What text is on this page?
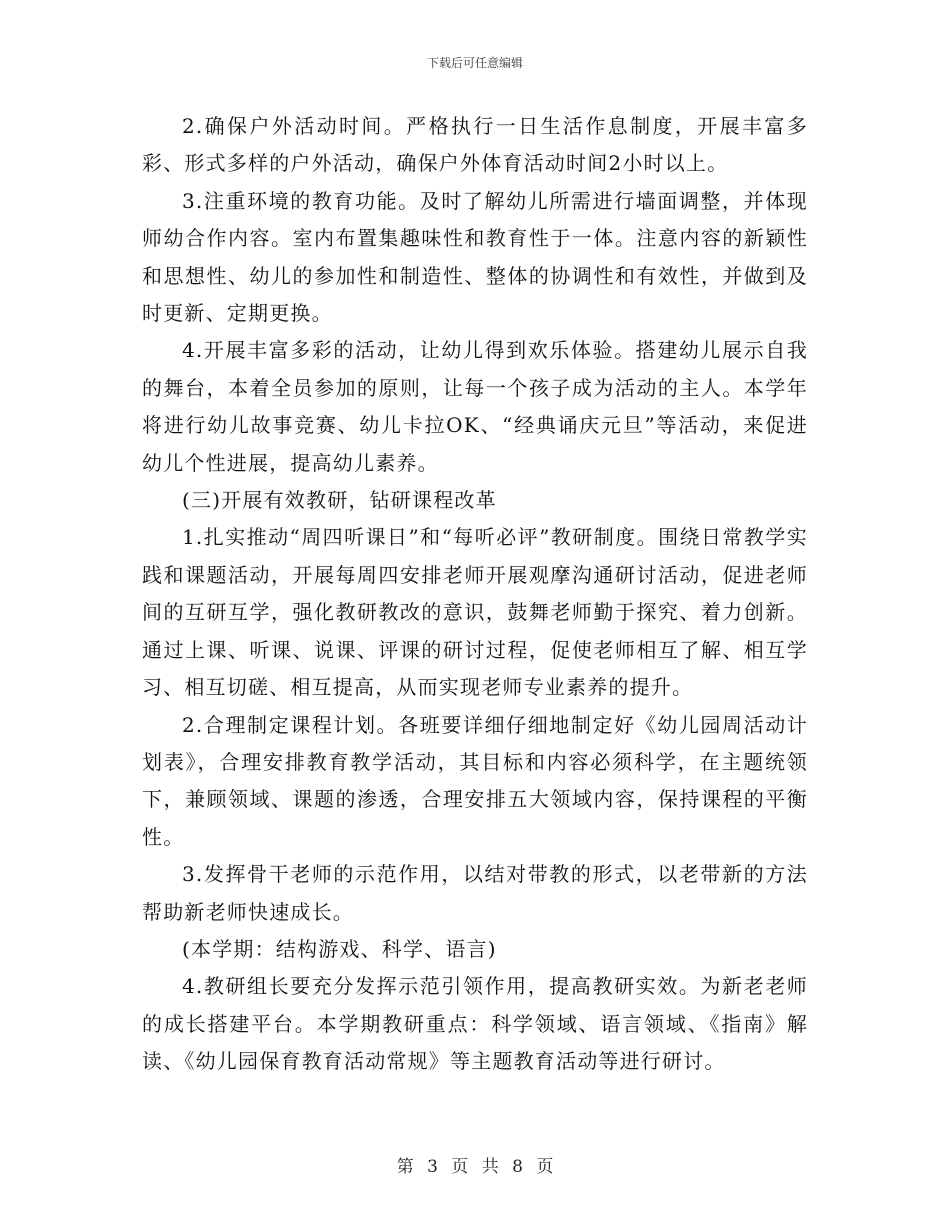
下载后可任意编辑

2.确保户外活动时间。严格执行一日生活作息制度，开展丰富多彩、形式多样的户外活动，确保户外体育活动时间2小时以上。

3.注重环境的教育功能。及时了解幼儿所需进行墙面调整，并体现师幼合作内容。室内布置集趣味性和教育性于一体。注意内容的新颖性和思想性、幼儿的参加性和制造性、整体的协调性和有效性，并做到及时更新、定期更换。

4.开展丰富多彩的活动，让幼儿得到欢乐体验。搭建幼儿展示自我的舞台，本着全员参加的原则，让每一个孩子成为活动的主人。本学年将进行幼儿故事竞赛、幼儿卡拉OK、“经典诵庆元旦”等活动，来促进幼儿个性进展，提高幼儿素养。

(三)开展有效教研，钻研课程改革

1.扎实推动“周四听课日”和“每听必评”教研制度。围绕日常教学实践和课题活动，开展每周四安排老师开展观摩沟通研讨活动，促进老师间的互研互学，强化教研教改的意识，鼓舞老师勤于探究、着力创新。通过上课、听课、说课、评课的研讨过程，促使老师相互了解、相互学习、相互切磋、相互提高，从而实现老师专业素养的提升。

2.合理制定课程计划。各班要详细仔细地制定好《幼儿园周活动计划表》，合理安排教育教学活动，其目标和内容必须科学，在主题统领下，兼顾领域、课题的渗透，合理安排五大领域内容，保持课程的平衡性。

3.发挥骨干老师的示范作用，以结对带教的形式，以老带新的方法帮助新老师快速成长。

(本学期：结构游戏、科学、语言)

4.教研组长要充分发挥示范引领作用，提高教研实效。为新老老师的成长搭建平台。本学期教研重点：科学领域、语言领域、《指南》解读、《幼儿园保育教育活动常规》等主题教育活动等进行研讨。

第 3 页 共 8 页
